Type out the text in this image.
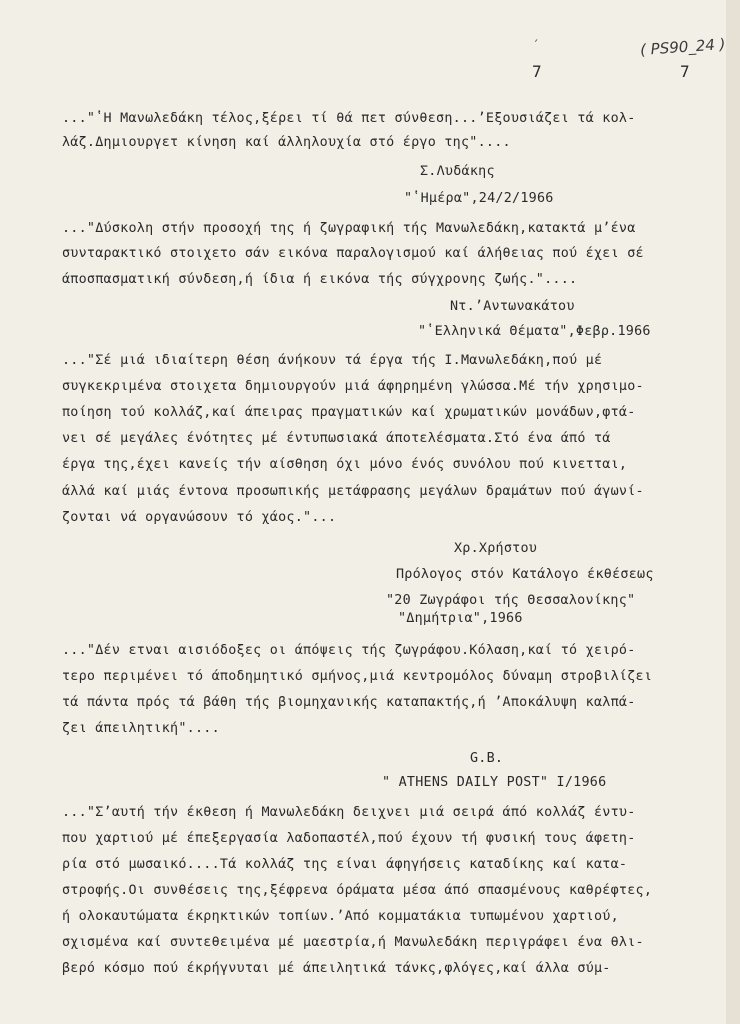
′	( PS90_24 )
7	7
..."ʽΗ Μανωλεδάκη τέλος,ξέρει τί θά πετ σύνθεση...ʼΕξουσιάζει τά κολ-
λάζ.Δημιουργετ κίνηση καί άλληλουχία στό έργο της"....
Σ.Λυδάκης
"ʽΗμέρα",24/2/1966
..."Δύσκολη στήν προσοχή της ή ζωγραφική τής Μανωλεδάκη,κατακτά μʼένα
συνταρακτικό στοιχετο σάν εικόνα παραλογισμού καί άλήθειας πού έχει σέ
άποσπασματική σύνδεση,ή ίδια ή εικόνα τής σύγχρονης ζωής."....
Ντ.ʼΑντωνακάτου
"ʽΕλληνικά Θέματα",Φεβρ.1966
..."Σέ μιά ιδιαίτερη θέση άνήκουν τά έργα τής Ι.Μανωλεδάκη,πού μέ
συγκεκριμένα στοιχετα δημιουργούν μιά άφηρημένη γλώσσα.Μέ τήν χρησιμο-
ποίηση τού κολλάζ,καί άπειρας πραγματικών καί χρωματικών μονάδων,φτά-
νει σέ μεγάλες ένότητες μέ έντυπωσιακά άποτελέσματα.Στό ένα άπό τά
έργα της,έχει κανείς τήν αίσθηση όχι μόνο ένός συνόλου πού κινετται,
άλλά καί μιάς έντονα προσωπικής μετάφρασης μεγάλων δραμάτων πού άγωνί-
ζονται νά οργανώσουν τό χάος."...
Χρ.Χρήστου
Πρόλογος στόν Κατάλογο έκθέσεως
"20 Ζωγράφοι τής Θεσσαλονίκης"
"Δημήτρια",1966
..."Δέν ετναι αισιόδοξες οι άπόψεις τής ζωγράφου.Κόλαση,καί τό χειρό-
τερο περιμένει τό άποδημητικό σμήνος,μιά κεντρομόλος δύναμη στροβιλίζει
τά πάντα πρός τά βάθη τής βιομηχανικής καταπακτής,ή ʼΑποκάλυψη καλπά-
ζει άπειλητική"....
G.B.
" ATHENS DAILY POST" I/1966
..."Σʼαυτή τήν έκθεση ή Μανωλεδάκη δειχνει μιά σειρά άπό κολλάζ έντυ-
που χαρτιού μέ έπεξεργασία λαδοπαστέλ,πού έχουν τή φυσική τους άφετη-
ρία στό μωσαικό....Τά κολλάζ της είναι άφηγήσεις καταδίκης καί κατα-
στροφής.Οι συνθέσεις της,ξέφρενα όράματα μέσα άπό σπασμένους καθρέφτες,
ή ολοκαυτώματα έκρηκτικών τοπίων.ʼΑπό κομματάκια τυπωμένου χαρτιού,
σχισμένα καί συντεθειμένα μέ μαεστρία,ή Μανωλεδάκη περιγράφει ένα θλι-
βερό κόσμο πού έκρήγνυται μέ άπειλητικά τάνκς,φλόγες,καί άλλα σύμ-
